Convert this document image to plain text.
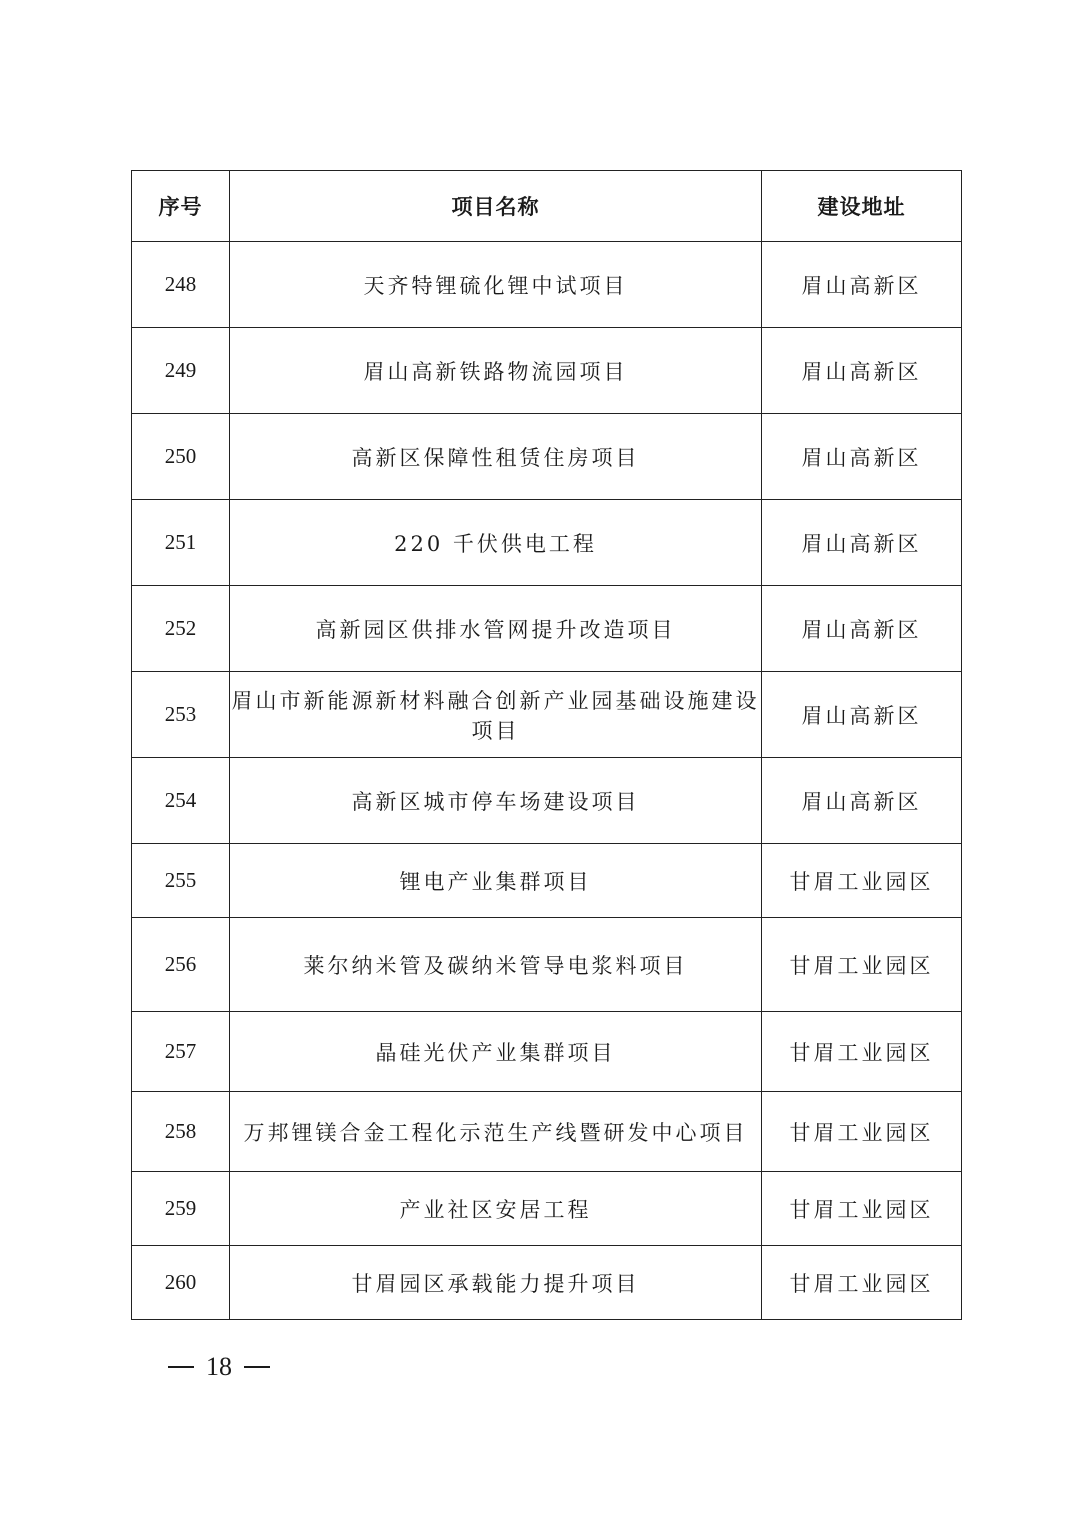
序号	项目名称	建设地址
248	天齐特锂硫化锂中试项目	眉山高新区
249	眉山高新铁路物流园项目	眉山高新区
250	高新区保障性租赁住房项目	眉山高新区
251	220 千伏供电工程	眉山高新区
252	高新园区供排水管网提升改造项目	眉山高新区
253	眉山市新能源新材料融合创新产业园基础设施建设项目	眉山高新区
254	高新区城市停车场建设项目	眉山高新区
255	锂电产业集群项目	甘眉工业园区
256	莱尔纳米管及碳纳米管导电浆料项目	甘眉工业园区
257	晶硅光伏产业集群项目	甘眉工业园区
258	万邦锂镁合金工程化示范生产线暨研发中心项目	甘眉工业园区
259	产业社区安居工程	甘眉工业园区
260	甘眉园区承载能力提升项目	甘眉工业园区
18
